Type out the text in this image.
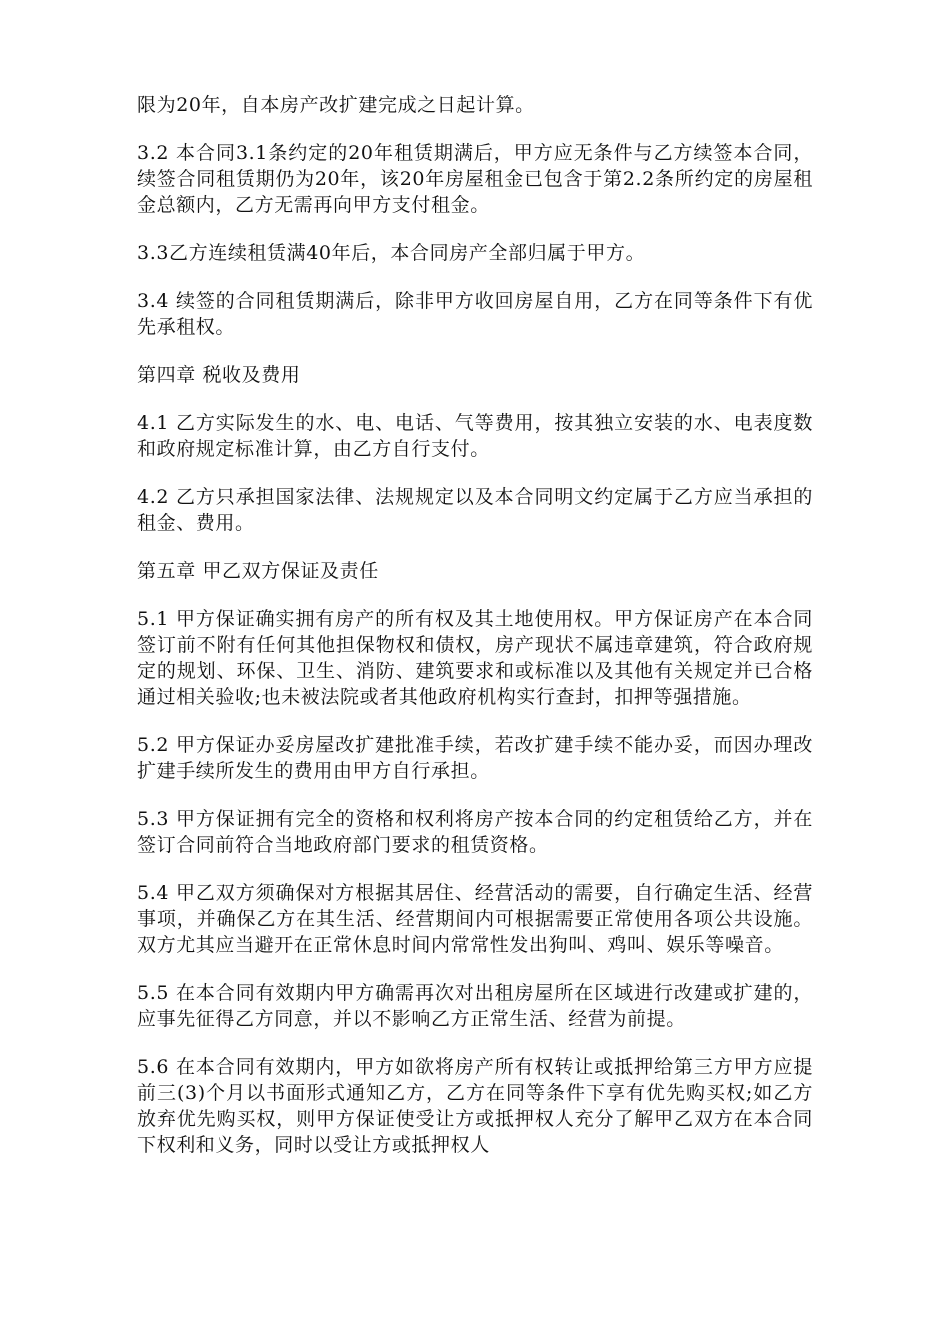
限为20年，自本房产改扩建完成之日起计算。

3.2 本合同3.1条约定的20年租赁期满后，甲方应无条件与乙方续签本合同，续签合同租赁期仍为20年，该20年房屋租金已包含于第2.2条所约定的房屋租金总额内，乙方无需再向甲方支付租金。

3.3乙方连续租赁满40年后，本合同房产全部归属于甲方。

3.4 续签的合同租赁期满后，除非甲方收回房屋自用，乙方在同等条件下有优先承租权。

第四章 税收及费用

4.1 乙方实际发生的水、电、电话、气等费用，按其独立安装的水、电表度数和政府规定标准计算，由乙方自行支付。

4.2 乙方只承担国家法律、法规规定以及本合同明文约定属于乙方应当承担的租金、费用。

第五章 甲乙双方保证及责任

5.1 甲方保证确实拥有房产的所有权及其土地使用权。甲方保证房产在本合同签订前不附有任何其他担保物权和债权，房产现状不属违章建筑，符合政府规定的规划、环保、卫生、消防、建筑要求和或标准以及其他有关规定并已合格通过相关验收;也未被法院或者其他政府机构实行查封，扣押等强措施。

5.2 甲方保证办妥房屋改扩建批准手续，若改扩建手续不能办妥，而因办理改扩建手续所发生的费用由甲方自行承担。

5.3 甲方保证拥有完全的资格和权利将房产按本合同的约定租赁给乙方，并在签订合同前符合当地政府部门要求的租赁资格。

5.4 甲乙双方须确保对方根据其居住、经营活动的需要，自行确定生活、经营事项，并确保乙方在其生活、经营期间内可根据需要正常使用各项公共设施。双方尤其应当避开在正常休息时间内常常性发出狗叫、鸡叫、娱乐等噪音。

5.5 在本合同有效期内甲方确需再次对出租房屋所在区域进行改建或扩建的，应事先征得乙方同意，并以不影响乙方正常生活、经营为前提。

5.6 在本合同有效期内，甲方如欲将房产所有权转让或抵押给第三方甲方应提前三(3)个月以书面形式通知乙方，乙方在同等条件下享有优先购买权;如乙方放弃优先购买权，则甲方保证使受让方或抵押权人充分了解甲乙双方在本合同下权利和义务，同时以受让方或抵押权人
